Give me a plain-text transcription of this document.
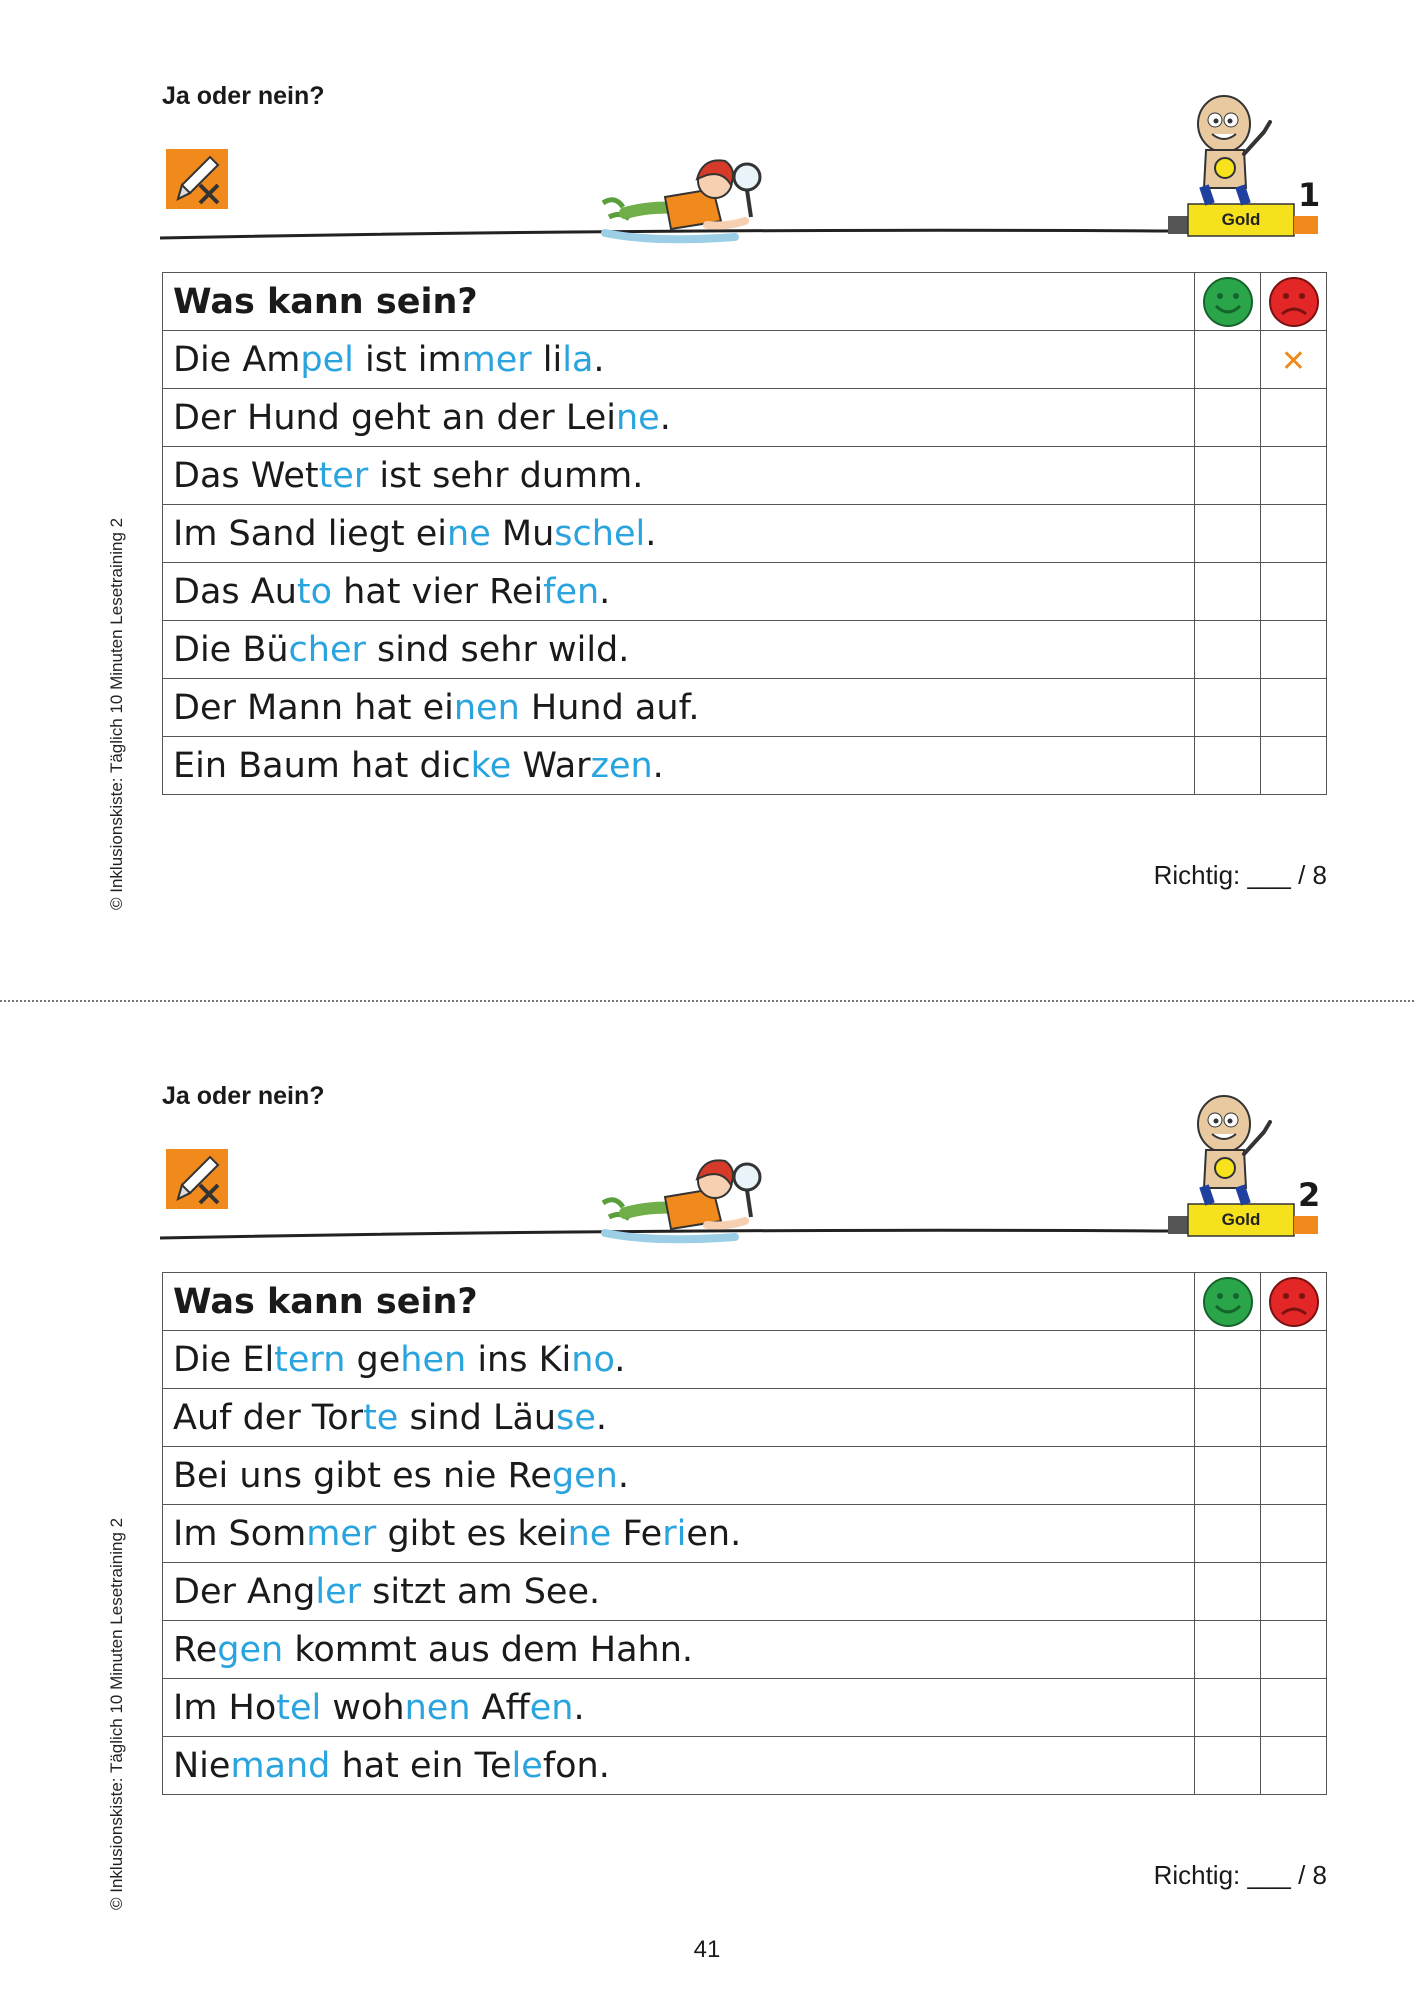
© Inklusionskiste: Täglich 10 Minuten Lesetraining 2
© Inklusionskiste: Täglich 10 Minuten Lesetraining 2
Ja oder nein?
1
Gold
Was kann sein?	

Die Ampel ist immer lila.		✕
Der Hund geht an der Leine.		
Das Wetter ist sehr dumm.		
Im Sand liegt eine Muschel.		
Das Auto hat vier Reifen.		
Die Bücher sind sehr wild.		
Der Mann hat einen Hund auf.		
Ein Baum hat dicke Warzen.		
Richtig: ___ / 8
Ja oder nein?
2
Gold
Was kann sein?	

Die Eltern gehen ins Kino.		
Auf der Torte sind Läuse.		
Bei uns gibt es nie Regen.		
Im Sommer gibt es keine Ferien.		
Der Angler sitzt am See.		
Regen kommt aus dem Hahn.		
Im Hotel wohnen Affen.		
Niemand hat ein Telefon.		
Richtig: ___ / 8
41
